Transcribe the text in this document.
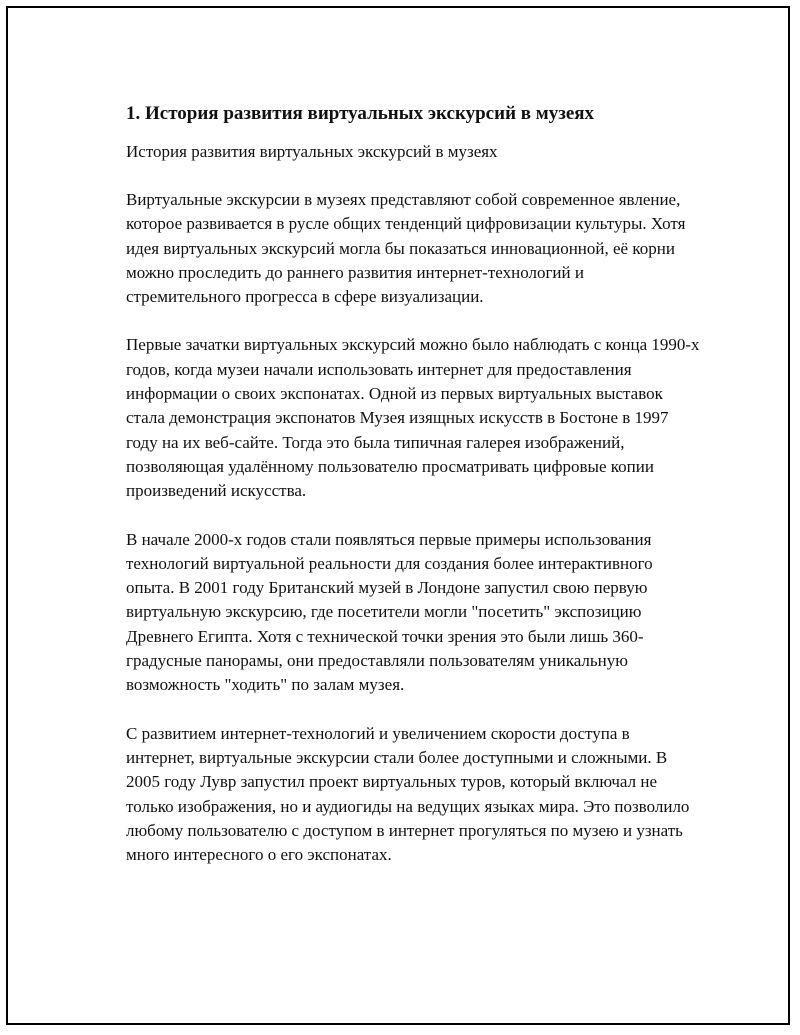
1. История развития виртуальных экскурсий в музеях

История развития виртуальных экскурсий в музеях

Виртуальные экскурсии в музеях представляют собой современное явление, которое развивается в русле общих тенденций цифровизации культуры. Хотя идея виртуальных экскурсий могла бы показаться инновационной, её корни можно проследить до раннего развития интернет-технологий и стремительного прогресса в сфере визуализации.

Первые зачатки виртуальных экскурсий можно было наблюдать с конца 1990-х годов, когда музеи начали использовать интернет для предоставления информации о своих экспонатах. Одной из первых виртуальных выставок стала демонстрация экспонатов Музея изящных искусств в Бостоне в 1997 году на их веб-сайте. Тогда это была типичная галерея изображений, позволяющая удалённому пользователю просматривать цифровые копии произведений искусства.

В начале 2000-х годов стали появляться первые примеры использования технологий виртуальной реальности для создания более интерактивного опыта. В 2001 году Британский музей в Лондоне запустил свою первую виртуальную экскурсию, где посетители могли "посетить" экспозицию Древнего Египта. Хотя с технической точки зрения это были лишь 360-градусные панорамы, они предоставляли пользователям уникальную возможность "ходить" по залам музея.

С развитием интернет-технологий и увеличением скорости доступа в интернет, виртуальные экскурсии стали более доступными и сложными. В 2005 году Лувр запустил проект виртуальных туров, который включал не только изображения, но и аудиогиды на ведущих языках мира. Это позволило любому пользователю с доступом в интернет прогуляться по музею и узнать много интересного о его экспонатах.
